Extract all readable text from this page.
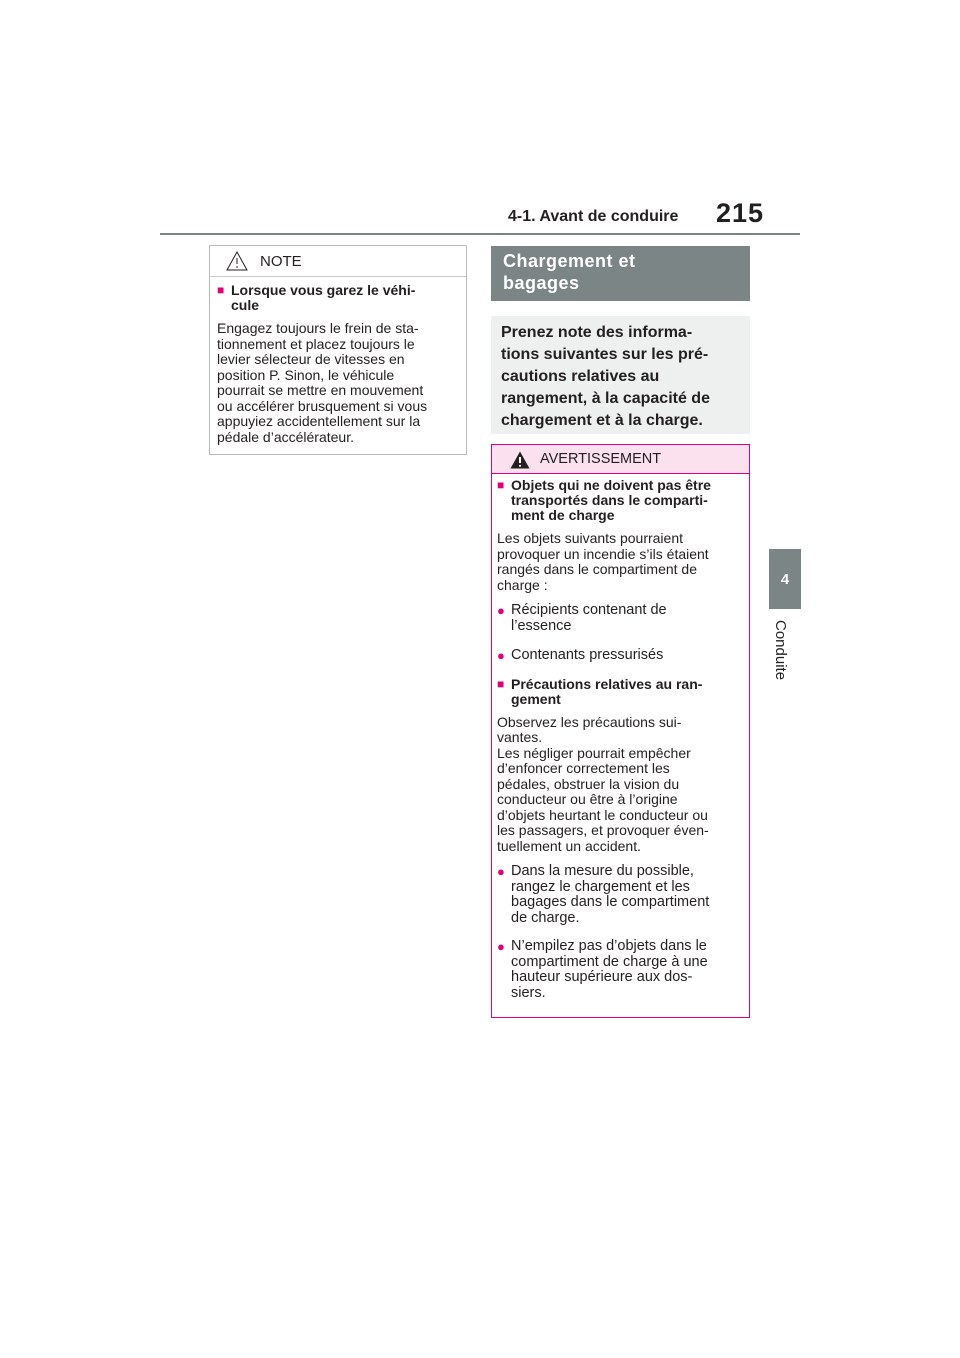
4-1. Avant de conduire 215
4
Conduite
NOTE
■ Lorsque vous garez le véhi-
cule
Engagez toujours le frein de sta-
tionnement et placez toujours le
levier sélecteur de vitesses en
position P. Sinon, le véhicule
pourrait se mettre en mouvement
ou accélérer brusquement si vous
appuyiez accidentellement sur la
pédale d’accélérateur.
Chargement et
bagages
Prenez note des informa-
tions suivantes sur les pré-
cautions relatives au
rangement, à la capacité de
chargement et à la charge.
AVERTISSEMENT
■ Objets qui ne doivent pas être
transportés dans le comparti-
ment de charge
Les objets suivants pourraient
provoquer un incendie s’ils étaient
rangés dans le compartiment de
charge :
● Récipients contenant de
l’essence
● Contenants pressurisés
■ Précautions relatives au ran-
gement
Observez les précautions sui-
vantes.
Les négliger pourrait empêcher
d’enfoncer correctement les
pédales, obstruer la vision du
conducteur ou être à l’origine
d’objets heurtant le conducteur ou
les passagers, et provoquer éven-
tuellement un accident.
● Dans la mesure du possible,
rangez le chargement et les
bagages dans le compartiment
de charge.
● N’empilez pas d’objets dans le
compartiment de charge à une
hauteur supérieure aux dos-
siers.
